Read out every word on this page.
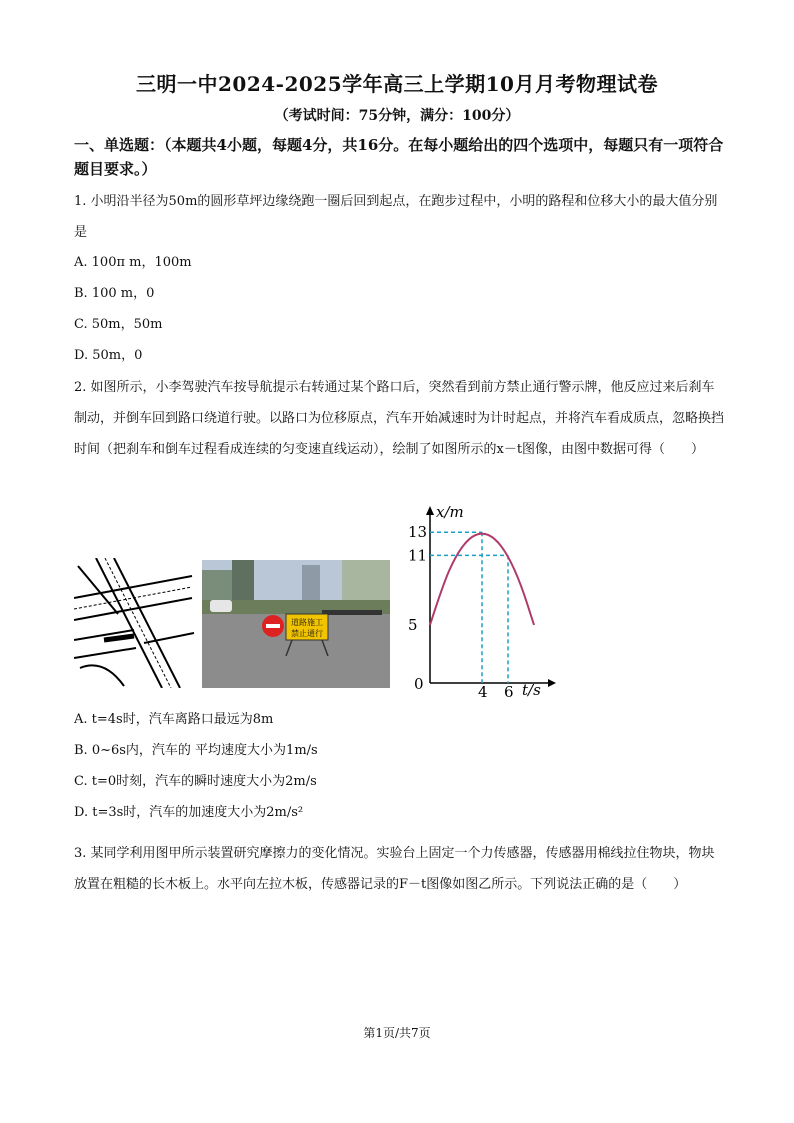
三明一中2024-2025学年高三上学期10月月考物理试卷
（考试时间：75分钟，满分：100分）
一、单选题：（本题共4小题，每题4分，共16分。在每小题给出的四个选项中，每题只有一项符合题目要求。）
1. 小明沿半径为50m的圆形草坪边缘绕跑一圈后回到起点，在跑步过程中，小明的路程和位移大小的最大值分别是
A. 100π m，100m
B. 100 m，0
C. 50m，50m
D. 50m，0
2. 如图所示，小李驾驶汽车按导航提示右转通过某个路口后，突然看到前方禁止通行警示牌，他反应过来后刹车制动，并倒车回到路口绕道行驶。以路口为位移原点，汽车开始减速时为计时起点，并将汽车看成质点，忽略换挡时间（把刹车和倒车过程看成连续的匀变速直线运动），绘制了如图所示的x－t图像，由图中数据可得（　　）
道路施工
禁止通行
x/m
t/s
0
5
11
13
4 6
A. t=4s时，汽车离路口最远为8m
B. 0~6s内，汽车的 平均速度大小为1m/s
C. t=0时刻，汽车的瞬时速度大小为2m/s
D. t=3s时，汽车的加速度大小为2m/s²
3. 某同学利用图甲所示装置研究摩擦力的变化情况。实验台上固定一个力传感器，传感器用棉线拉住物块，物块放置在粗糙的长木板上。水平向左拉木板，传感器记录的F－t图像如图乙所示。下列说法正确的是（　　）
第1页/共7页
